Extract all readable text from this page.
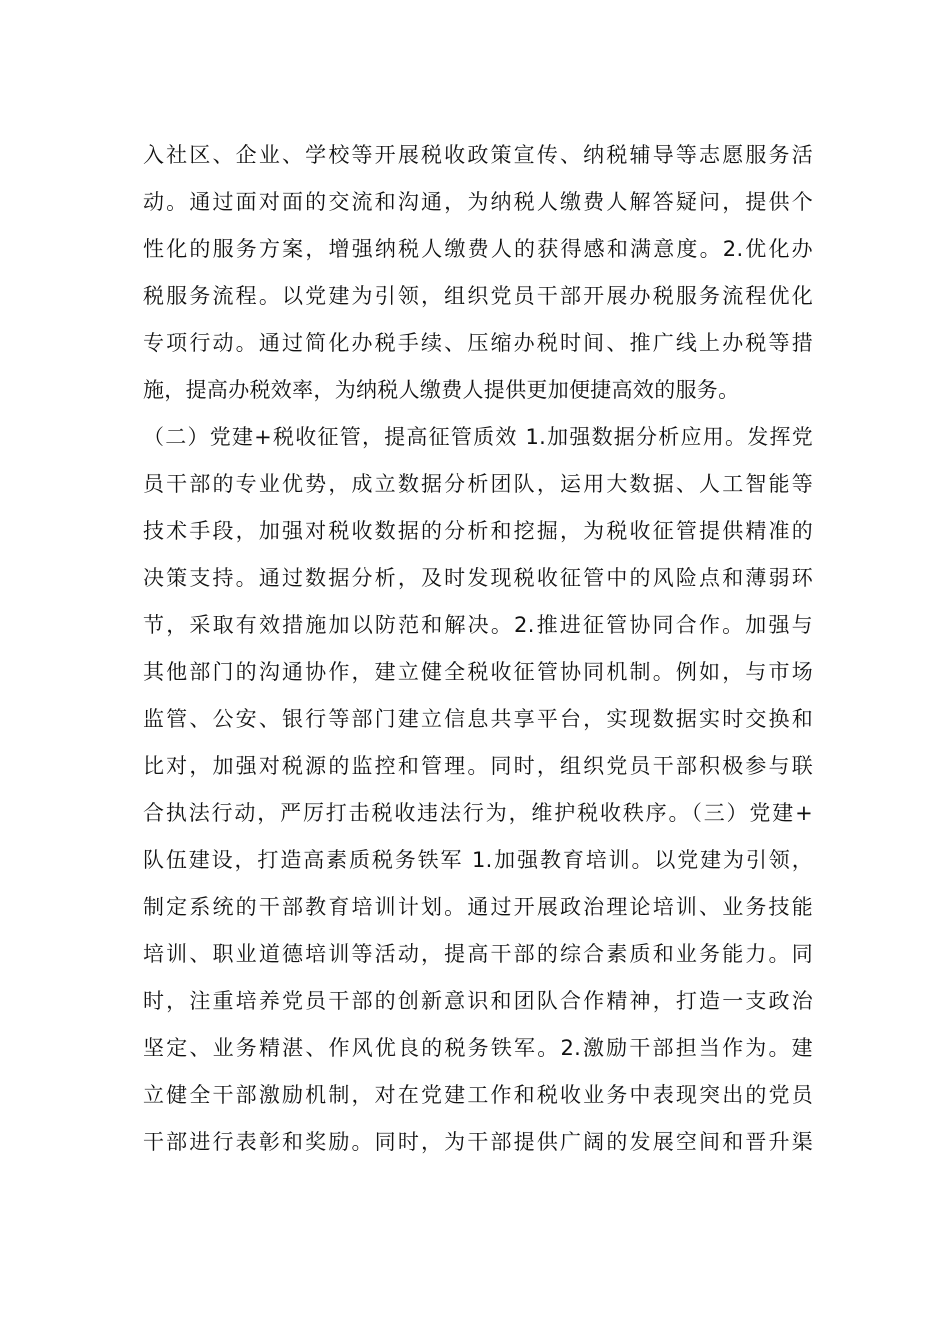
入社区、企业、学校等开展税收政策宣传、纳税辅导等志愿服务活
动。通过面对面的交流和沟通，为纳税人缴费人解答疑问，提供个
性化的服务方案，增强纳税人缴费人的获得感和满意度。2.优化办
税服务流程。以党建为引领，组织党员干部开展办税服务流程优化
专项行动。通过简化办税手续、压缩办税时间、推广线上办税等措
施，提高办税效率，为纳税人缴费人提供更加便捷高效的服务。
（二）党建+税收征管，提高征管质效 1.加强数据分析应用。发挥党
员干部的专业优势，成立数据分析团队，运用大数据、人工智能等
技术手段，加强对税收数据的分析和挖掘，为税收征管提供精准的
决策支持。通过数据分析，及时发现税收征管中的风险点和薄弱环
节，采取有效措施加以防范和解决。2.推进征管协同合作。加强与
其他部门的沟通协作，建立健全税收征管协同机制。例如，与市场
监管、公安、银行等部门建立信息共享平台，实现数据实时交换和
比对，加强对税源的监控和管理。同时，组织党员干部积极参与联
合执法行动，严厉打击税收违法行为，维护税收秩序。（三）党建+
队伍建设，打造高素质税务铁军 1.加强教育培训。以党建为引领，
制定系统的干部教育培训计划。通过开展政治理论培训、业务技能
培训、职业道德培训等活动，提高干部的综合素质和业务能力。同
时，注重培养党员干部的创新意识和团队合作精神，打造一支政治
坚定、业务精湛、作风优良的税务铁军。2.激励干部担当作为。建
立健全干部激励机制，对在党建工作和税收业务中表现突出的党员
干部进行表彰和奖励。同时，为干部提供广阔的发展空间和晋升渠
